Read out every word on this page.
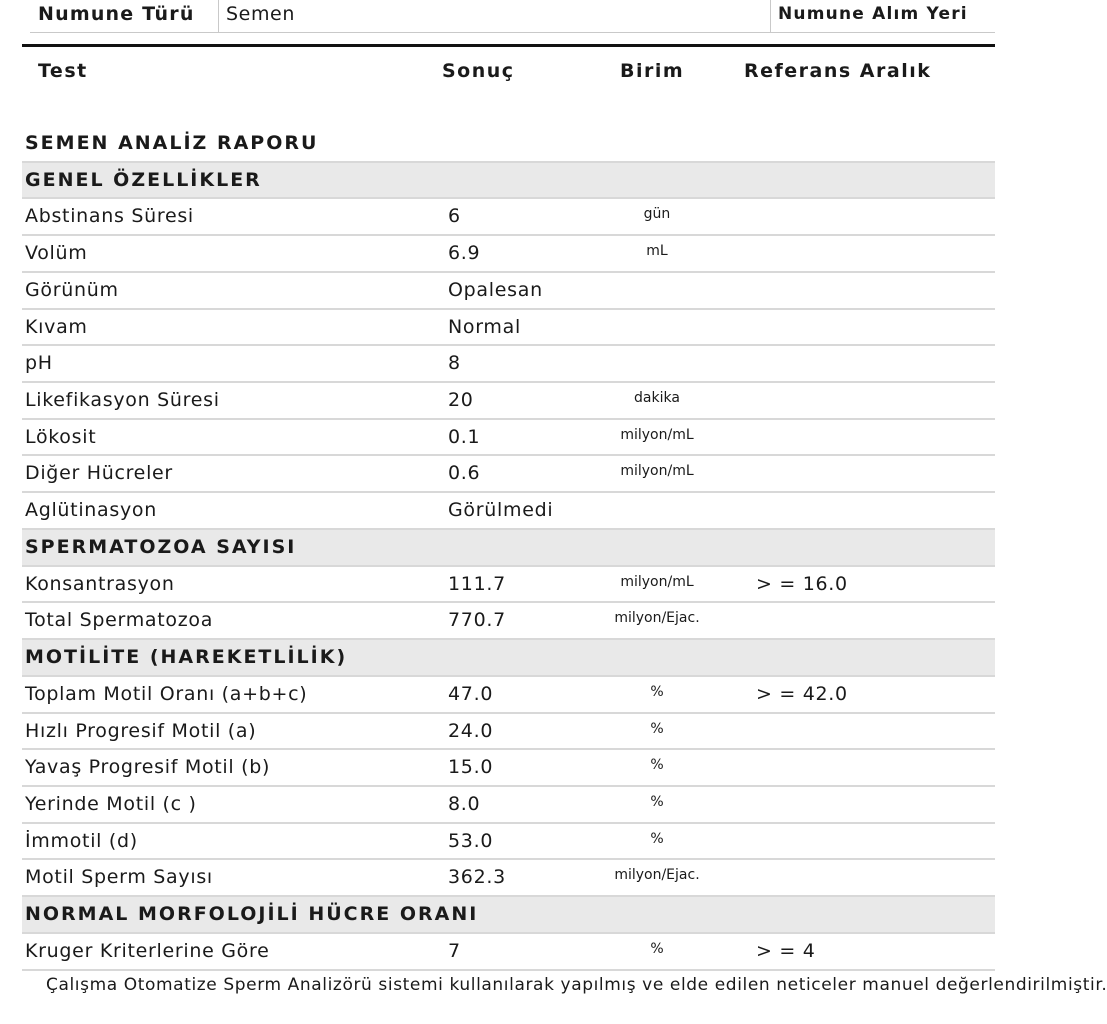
Numune Türü Semen	Numune Alım Yeri
Test	Sonuç	Birim	Referans Aralık
SEMEN ANALİZ RAPORU
GENEL ÖZELLİKLER
Abstinans Süresi	6	gün
Volüm	6.9	mL
Görünüm	Opalesan
Kıvam	Normal
pH	8
Likefikasyon Süresi	20	dakika
Lökosit	0.1	milyon/mL
Diğer Hücreler	0.6	milyon/mL
Aglütinasyon	Görülmedi
SPERMATOZOA SAYISI
Konsantrasyon	111.7	milyon/mL	> = 16.0
Total Spermatozoa	770.7	milyon/Ejac.
MOTİLİTE (HAREKETLİLİK)
Toplam Motil Oranı (a+b+c)	47.0	%	> = 42.0
Hızlı Progresif Motil (a)	24.0	%
Yavaş Progresif Motil (b)	15.0	%
Yerinde Motil (c )	8.0	%
İmmotil (d)	53.0	%
Motil Sperm Sayısı	362.3	milyon/Ejac.
NORMAL MORFOLOJİLİ HÜCRE ORANI
Kruger Kriterlerine Göre	7	%	> = 4
Çalışma Otomatize Sperm Analizörü sistemi kullanılarak yapılmış ve elde edilen neticeler manuel değerlendirilmiştir.
